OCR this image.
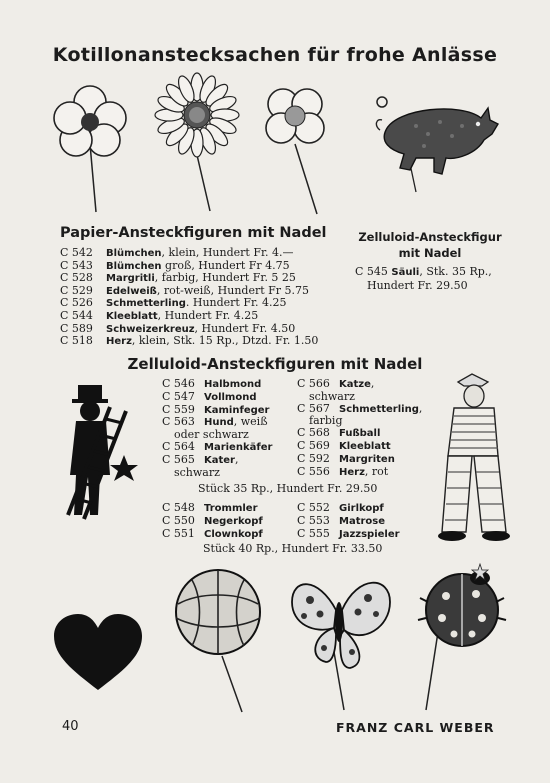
Kotillonanstecksachen für frohe Anlässe
Papier-Ansteckfiguren mit Nadel
C 542 Blümchen, klein, Hundert Fr. 4.—
C 543 Blümchen groß, Hundert Fr 4.75
C 528 Margritli, farbig, Hundert Fr. 5 25
C 529 Edelweiß, rot-weiß, Hundert Fr 5.75
C 526 Schmetterling. Hundert Fr. 4.25
C 544 Kleeblatt, Hundert Fr. 4.25
C 589 Schweizerkreuz, Hundert Fr. 4.50
C 518 Herz, klein, Stk. 15 Rp., Dtzd. Fr. 1.50
Zelluloid-Ansteckfigur mit Nadel
C 545 Säuli, Stk. 35 Rp.,
Hundert Fr. 29.50
Zelluloid-Ansteckfiguren mit Nadel
C 546 Halbmond
C 547 Vollmond
C 559 Kaminfeger
C 563 Hund, weiß
oder schwarz
C 564 Marienkäfer
C 565 Kater,
schwarz
C 566 Katze,
schwarz
C 567 Schmetterling,
farbig
C 568 Fußball
C 569 Kleeblatt
C 592 Margriten
C 556 Herz, rot
Stück 35 Rp., Hundert Fr. 29.50
C 548 Trommler
C 550 Negerkopf
C 551 Clownkopf
C 552 Girlkopf
C 553 Matrose
C 555 Jazzspieler
Stück 40 Rp., Hundert Fr. 33.50
40	FRANZ CARL WEBER
